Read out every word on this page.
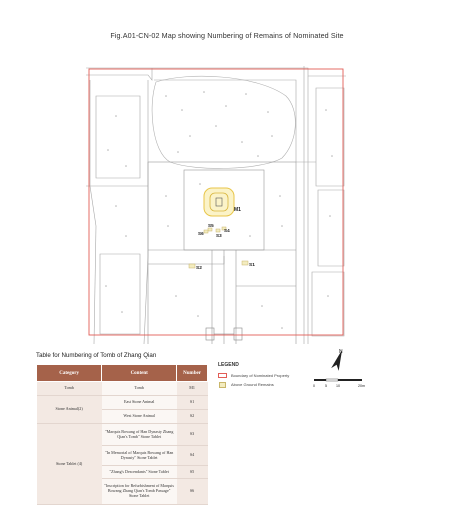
Fig.A01-CN-02 Map showing Numbering of Remains of Nominated Site
M1
S5
S6	S3
S4
S2
S1
Table for Numbering of Tomb of Zhang Qian
Category	Content	Number
Tomb	Tomb	M1
Stone Animal(2)	East Stone Animal	S1
	West Stone Animal	S2
Stone Tablet (4)	"Marquis Bowang of Han Dynasty Zhang Qian's Tomb" Stone Tablet	S3
	"In Memorial of Marquis Bowang of Han Dynasty" Stone Tablet	S4
	"Zhang's Descendants" Stone Tablet	S5
	"Inscription for Refurbishment of Marquis Bowang Zhang Qian's Tomb Passage" Stone Tablet	S6
LEGEND
Boundary of Nominated Property
Above Ground Remains
N
0	5	10	20m
